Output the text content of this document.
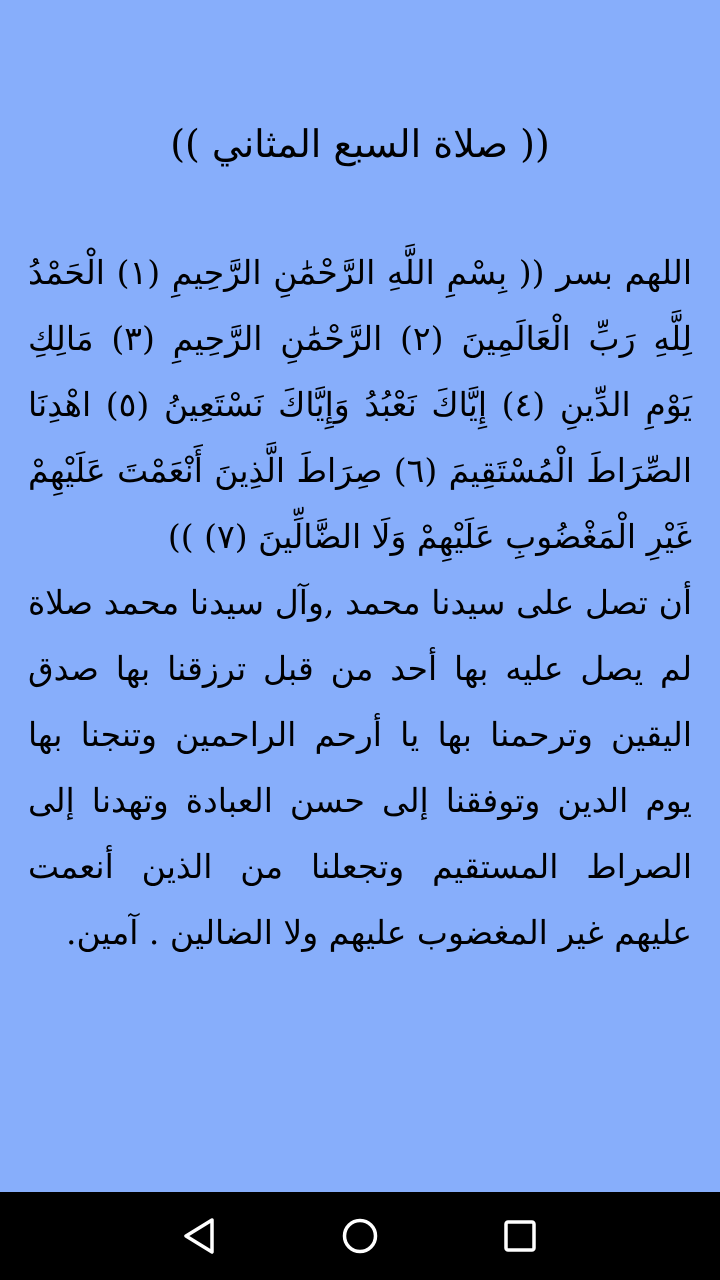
(( صلاة السبع المثاني ))

اللهم بسر (( بِسْمِ اللَّهِ الرَّحْمَٰنِ الرَّحِيمِ (١) الْحَمْدُ لِلَّهِ رَبِّ الْعَالَمِينَ (٢) الرَّحْمَٰنِ الرَّحِيمِ (٣) مَالِكِ يَوْمِ الدِّينِ (٤) إِيَّاكَ نَعْبُدُ وَإِيَّاكَ نَسْتَعِينُ (٥) اهْدِنَا الصِّرَاطَ الْمُسْتَقِيمَ (٦) صِرَاطَ الَّذِينَ أَنْعَمْتَ عَلَيْهِمْ غَيْرِ الْمَغْضُوبِ عَلَيْهِمْ وَلَا الضَّالِّينَ (٧) ))

أن تصل على سيدنا محمد ,وآل سيدنا محمد صلاة لم يصل عليه بها أحد من قبل ترزقنا بها صدق اليقين وترحمنا بها يا أرحم الراحمين وتنجنا بها يوم الدين وتوفقنا إلى حسن العبادة وتهدنا إلى الصراط المستقيم وتجعلنا من الذين أنعمت عليهم غير المغضوب عليهم ولا الضالين . آمين.
